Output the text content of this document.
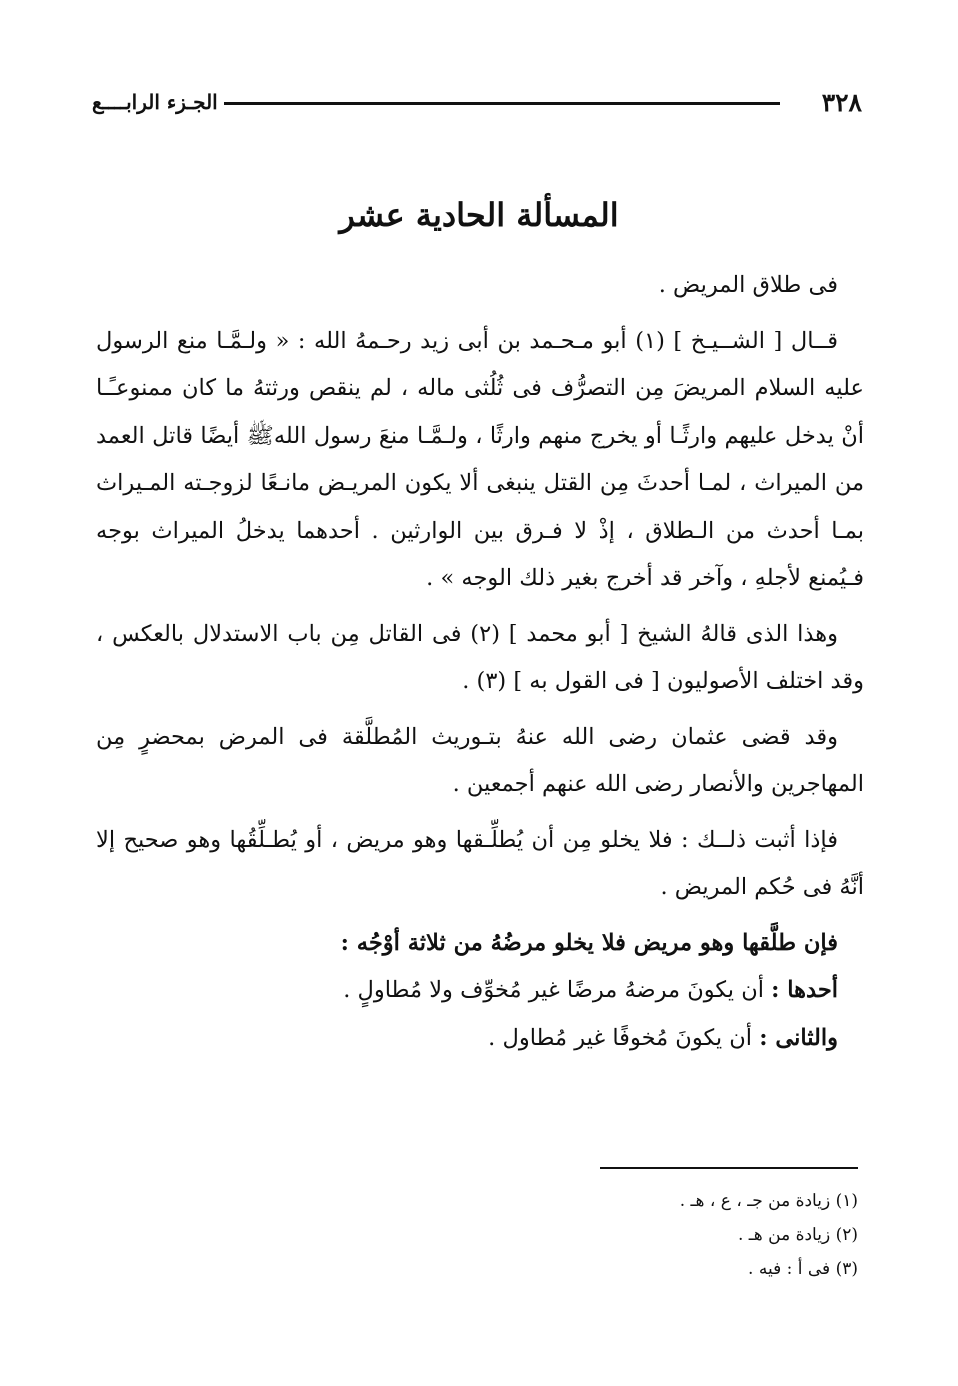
٣٢٨
الجـزء الرابــــع
المسألة الحادية عشر

فى طلاق المريض .

قــال [ الشــيـخ ] (١) أبو مـحـمد بن أبى زيد رحـمهُ الله : « ولـمَّـا منع الرسول عليه السلام المريضَ مِن التصرُّف فى ثُلُثى ماله ، لم ينقص ورثتهُ ما كان ممنوعـًـا أنْ يدخل عليهم وارثًـا أو يخرج منهم وارثًا ، ولـمَّـا منعَ رسول اللهﷺ أيضًا قاتل العمد من الميراث ، لمـا أحدثَ مِن القتل ينبغى ألا يكون المريـض مانـعًا لزوجـته المـيراث بمـا أحدث من الـطلاق ، إذْ لا فـرق بين الوارثين . أحدهما يدخلُ الميراث بوجه فـيُمنع لأجلهِ ، وآخر قد أخرج بغير ذلك الوجه » .

وهذا الذى قالهُ الشيخ [ أبو محمد ] (٢) فى القاتل مِن باب الاستدلال بالعكس ، وقد اختلف الأصوليون [ فى القول به ] (٣) .

وقد قضى عثمان رضى الله عنهُ بتـوريث المُطلَّقة فى المرض بمحضرٍ مِن المهاجرين والأنصار رضى الله عنهم أجمعين .

فإذا أثبت ذلــك : فلا يخلو مِن أن يُطلِّـقها وهو مريض ، أو يُطـلِّقُها وهو صحيح إلا أنَّهُ فى حُكم المريض .

فإن طلَّقها وهو مريض فلا يخلو مرضُهُ من ثلاثة أوْجُه :

أحدها : أن يكونَ مرضهُ مرضًا غير مُخوِّف ولا مُطاولٍ .

والثانى : أن يكونَ مُخوفًا غير مُطاول .

(١) زيادة من جـ ، ع ، هـ .
(٢) زيادة من هـ .
(٣) فى أ : فيه .
